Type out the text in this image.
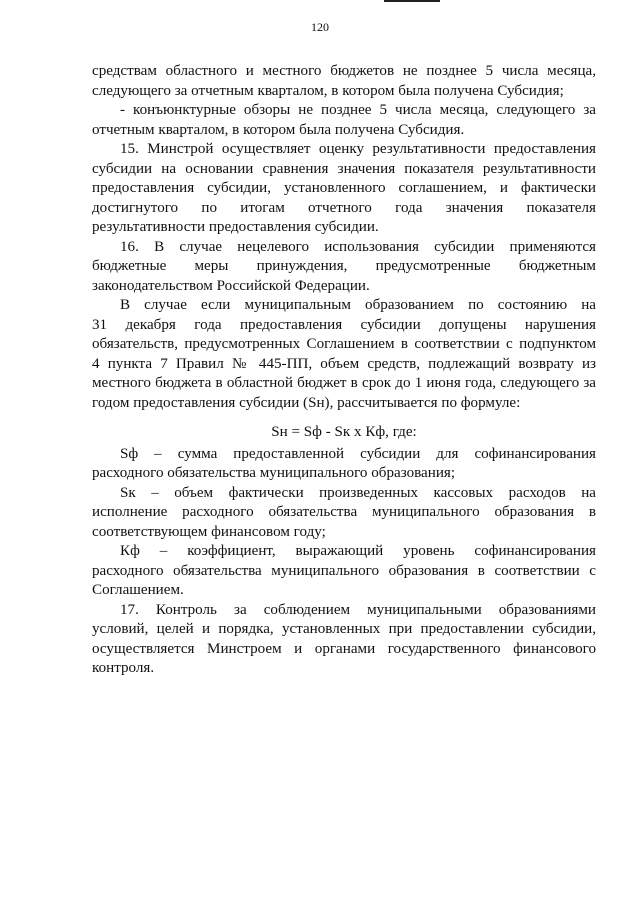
120

средствам областного и местного бюджетов не позднее 5 числа месяца,

следующего за отчетным кварталом, в котором была получена Субсидия;

- конъюнктурные обзоры не позднее 5 числа месяца, следующего за

отчетным кварталом, в котором была получена Субсидия.

15. Минстрой осуществляет оценку результативности предоставления

субсидии на основании сравнения значения показателя результативности

предоставления субсидии, установленного соглашением, и фактически

достигнутого по итогам отчетного года значения показателя

результативности предоставления субсидии.

16. В случае нецелевого использования субсидии применяются

бюджетные меры принуждения, предусмотренные бюджетным

законодательством Российской Федерации.

В случае если муниципальным образованием по состоянию на

31 декабря года предоставления субсидии допущены нарушения

обязательств, предусмотренных Соглашением в соответствии с подпунктом

4 пункта 7 Правил № 445-ПП, объем средств, подлежащий возврату из

местного бюджета в областной бюджет в срок до 1 июня года, следующего за

годом предоставления субсидии (Sн), рассчитывается по формуле:

Sн = Sф - Sк х Кф, где:

Sф – сумма предоставленной субсидии для софинансирования

расходного обязательства муниципального образования;

Sк – объем фактически произведенных кассовых расходов на

исполнение расходного обязательства муниципального образования в

соответствующем финансовом году;

Кф – коэффициент, выражающий уровень софинансирования

расходного обязательства муниципального образования в соответствии с

Соглашением.

17. Контроль за соблюдением муниципальными образованиями

условий, целей и порядка, установленных при предоставлении субсидии,

осуществляется Минстроем и органами государственного финансового

контроля.
